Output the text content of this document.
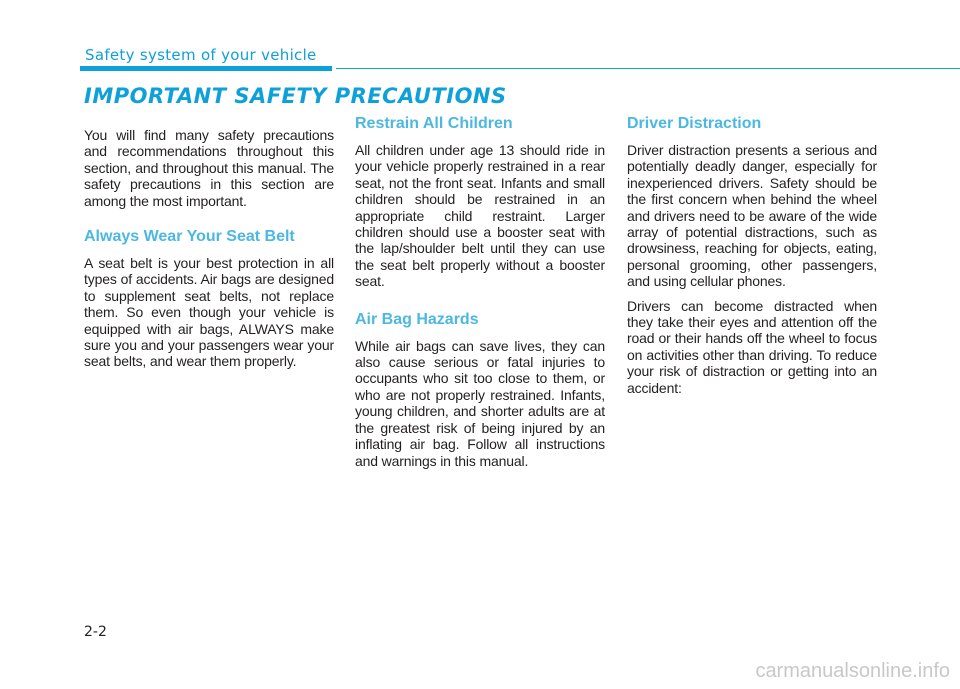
Safety system of your vehicle
IMPORTANT SAFETY PRECAUTIONS

You will find many safety precautions and recommendations throughout this section, and throughout this manual. The safety precautions in this section are among the most important.

Always Wear Your Seat Belt

A seat belt is your best protection in all types of accidents. Air bags are designed to supplement seat belts, not replace them. So even though your vehicle is equipped with air bags, ALWAYS make sure you and your passengers wear your seat belts, and wear them properly.

Restrain All Children

All children under age 13 should ride in your vehicle properly restrained in a rear seat, not the front seat. Infants and small children should be restrained in an appropriate child restraint. Larger children should use a booster seat with the lap/shoulder belt until they can use the seat belt properly without a booster seat.

Air Bag Hazards

While air bags can save lives, they can also cause serious or fatal injuries to occupants who sit too close to them, or who are not properly restrained. Infants, young children, and shorter adults are at the greatest risk of being injured by an inflating air bag. Follow all instructions and warnings in this manual.

Driver Distraction

Driver distraction presents a serious and potentially deadly danger, especially for inexperienced drivers. Safety should be the first concern when behind the wheel and drivers need to be aware of the wide array of potential distractions, such as drowsiness, reaching for objects, eating, personal grooming, other passengers, and using cellular phones.

Drivers can become distracted when they take their eyes and attention off the road or their hands off the wheel to focus on activities other than driving. To reduce your risk of distraction or getting into an accident:

2-2
carmanualsonline.info
